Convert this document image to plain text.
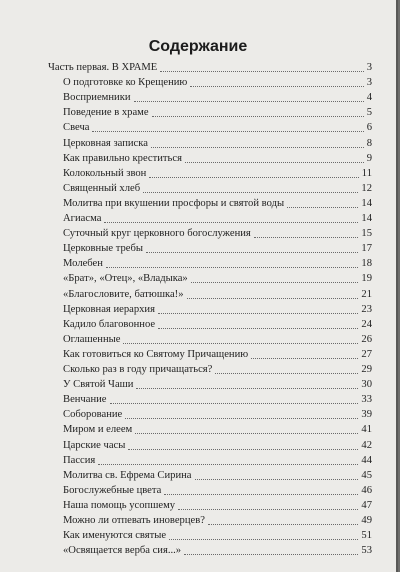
Содержание
Часть первая. В ХРАМЕ	3
О подготовке ко Крещению	3
Восприемники	4
Поведение в храме	5
Свеча	6
Церковная записка	8
Как правильно креститься	9
Колокольный звон	11
Священный хлеб	12
Молитва при вкушении просфоры и святой воды	14
Агиасма	14
Суточный круг церковного богослужения	15
Церковные требы	17
Молебен	18
«Брат», «Отец», «Владыка»	19
«Благословите, батюшка!»	21
Церковная иерархия	23
Кадило благовонное	24
Оглашенные	26
Как готовиться ко Святому Причащению	27
Сколько раз в году причащаться?	29
У Святой Чаши	30
Венчание	33
Соборование	39
Миром и елеем	41
Царские часы	42
Пассия	44
Молитва св. Ефрема Сирина	45
Богослужебные цвета	46
Наша помощь усопшему	47
Можно ли отпевать иноверцев?	49
Как именуются святые	51
«Освящается верба сия...»	53
